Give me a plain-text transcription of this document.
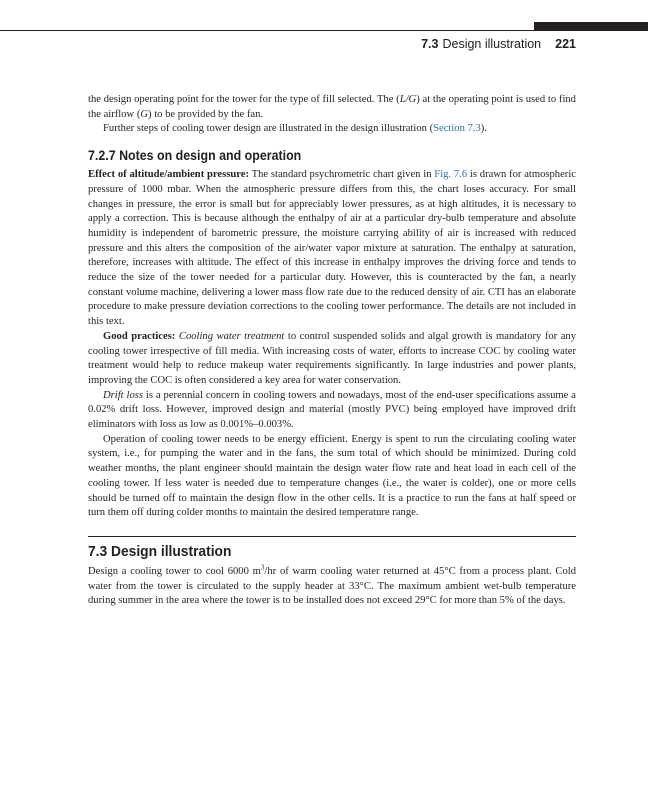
7.3 Design illustration 221

the design operating point for the tower for the type of fill selected. The (L/G) at the operating point is used to find the airflow (G) to be provided by the fan.

Further steps of cooling tower design are illustrated in the design illustration (Section 7.3).

7.2.7 Notes on design and operation

Effect of altitude/ambient pressure: The standard psychrometric chart given in Fig. 7.6 is drawn for atmospheric pressure of 1000 mbar. When the atmospheric pressure differs from this, the chart loses accuracy. For small changes in pressure, the error is small but for appreciably lower pressures, as at high altitudes, it is necessary to apply a correction. This is because although the enthalpy of air at a particular dry-bulb temperature and absolute humidity is independent of barometric pressure, the moisture carrying ability of air is increased with reduced pressure and this alters the composition of the air/water vapor mixture at saturation. The enthalpy at saturation, therefore, increases with altitude. The effect of this increase in enthalpy improves the driving force and tends to reduce the size of the tower needed for a particular duty. However, this is counteracted by the fan, a nearly constant volume machine, delivering a lower mass flow rate due to the reduced density of air. CTI has an elaborate procedure to make pressure deviation corrections to the cooling tower performance. The details are not included in this text.

Good practices: Cooling water treatment to control suspended solids and algal growth is mandatory for any cooling tower irrespective of fill media. With increasing costs of water, efforts to increase COC by cooling water treatment would help to reduce makeup water requirements significantly. In large industries and power plants, improving the COC is often considered a key area for water conservation.

Drift loss is a perennial concern in cooling towers and nowadays, most of the end-user specifications assume a 0.02% drift loss. However, improved design and material (mostly PVC) being employed have improved drift eliminators with loss as low as 0.001%–0.003%.

Operation of cooling tower needs to be energy efficient. Energy is spent to run the circulating cooling water system, i.e., for pumping the water and in the fans, the sum total of which should be minimized. During cold weather months, the plant engineer should maintain the design water flow rate and heat load in each cell of the cooling tower. If less water is needed due to temperature changes (i.e., the water is colder), one or more cells should be turned off to maintain the design flow in the other cells. It is a practice to run the fans at half speed or turn them off during colder months to maintain the desired temperature range.

7.3 Design illustration

Design a cooling tower to cool 6000 $m^3/hr$ of warm cooling water returned at 45°C from a process plant. Cold water from the tower is circulated to the supply header at 33°C. The maximum ambient wet-bulb temperature during summer in the area where the tower is to be installed does not exceed 29°C for more than 5% of the days.
